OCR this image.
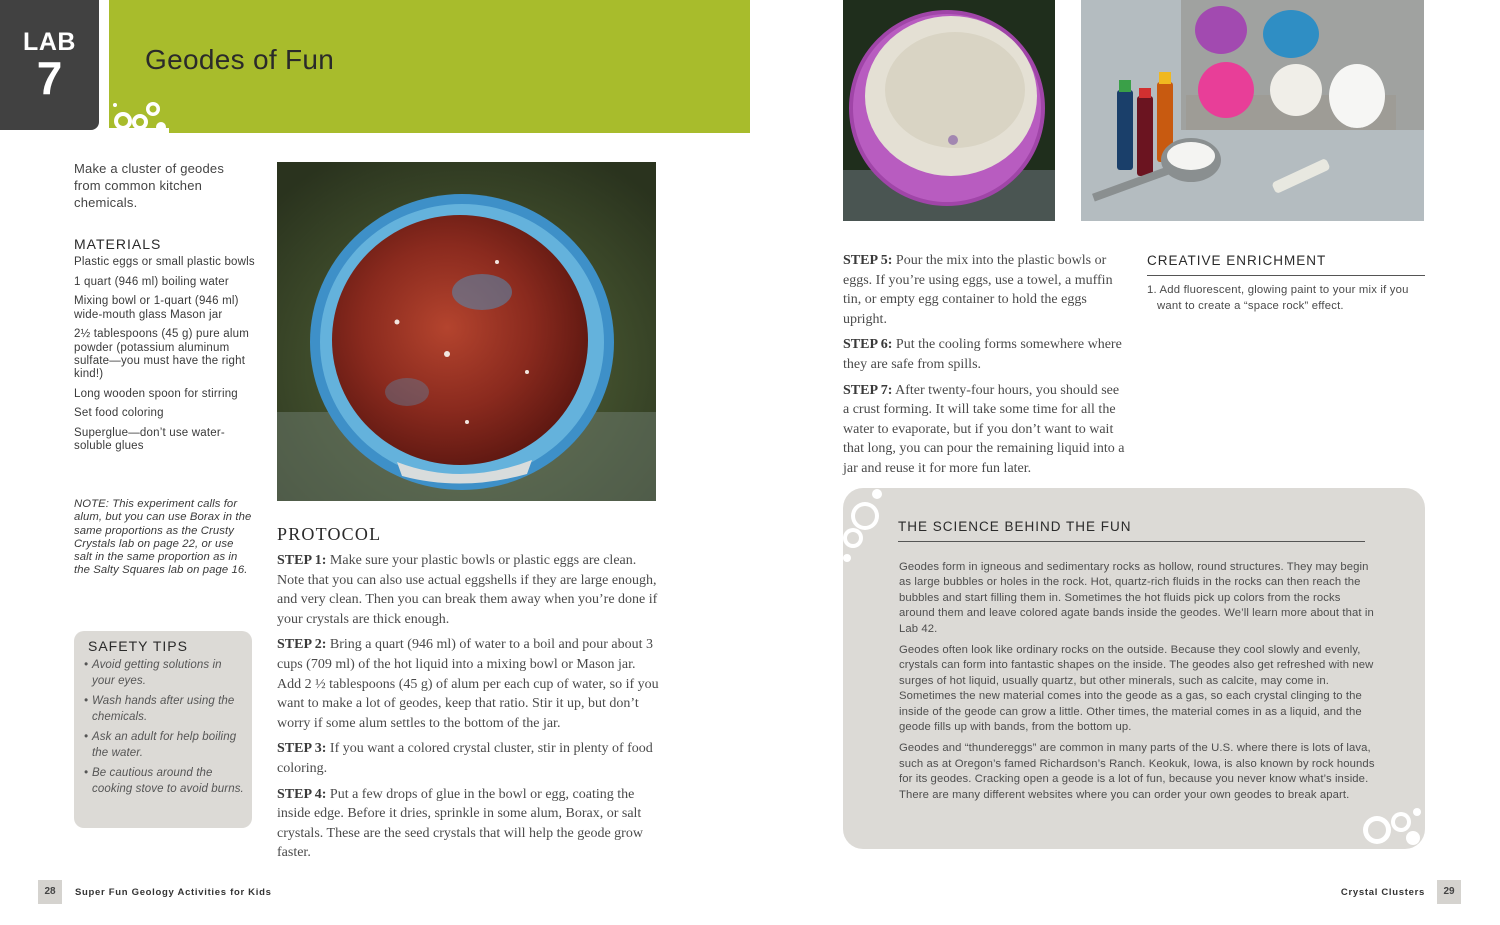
LAB
7	Geodes of Fun

Make a cluster of geodes from common kitchen chemicals.

MATERIALS
Plastic eggs or small plastic bowls
1 quart (946 ml) boiling water
Mixing bowl or 1-quart (946 ml) wide-mouth glass Mason jar
2½ tablespoons (45 g) pure alum powder (potassium aluminum sulfate—you must have the right kind!)
Long wooden spoon for stirring
Set food coloring
Superglue—don’t use water-soluble glues

NOTE: This experiment calls for alum, but you can use Borax in the same proportions as the Crusty Crystals lab on page 22, or use salt in the same proportion as in the Salty Squares lab on page 16.

SAFETY TIPS
• Avoid getting solutions in your eyes.
• Wash hands after using the chemicals.
• Ask an adult for help boiling the water.
• Be cautious around the cooking stove to avoid burns.
PROTOCOL

STEP 1: Make sure your plastic bowls or plastic eggs are clean. Note that you can also use actual eggshells if they are large enough, and very clean. Then you can break them away when you’re done if your crystals are thick enough.

STEP 2: Bring a quart (946 ml) of water to a boil and pour about 3 cups (709 ml) of the hot liquid into a mixing bowl or Mason jar. Add 2 ½ tablespoons (45 g) of alum per each cup of water, so if you want to make a lot of geodes, keep that ratio. Stir it up, but don’t worry if some alum settles to the bottom of the jar.

STEP 3: If you want a colored crystal cluster, stir in plenty of food coloring.

STEP 4: Put a few drops of glue in the bowl or egg, coating the inside edge. Before it dries, sprinkle in some alum, Borax, or salt crystals. These are the seed crystals that will help the geode grow faster.

28	Super Fun Geology Activities for Kids

STEP 5: Pour the mix into the plastic bowls or eggs. If you’re using eggs, use a towel, a muffin tin, or empty egg container to hold the eggs upright.

STEP 6: Put the cooling forms somewhere where they are safe from spills.

STEP 7: After twenty-four hours, you should see a crust forming. It will take some time for all the water to evaporate, but if you don’t want to wait that long, you can pour the remaining liquid into a jar and reuse it for more fun later.

CREATIVE ENRICHMENT

1. Add fluorescent, glowing paint to your mix if you want to create a “space rock” effect.

THE SCIENCE BEHIND THE FUN

Geodes form in igneous and sedimentary rocks as hollow, round structures. They may begin as large bubbles or holes in the rock. Hot, quartz-rich fluids in the rocks can then reach the bubbles and start filling them in. Sometimes the hot fluids pick up colors from the rocks around them and leave colored agate bands inside the geodes. We’ll learn more about that in Lab 42.

Geodes often look like ordinary rocks on the outside. Because they cool slowly and evenly, crystals can form into fantastic shapes on the inside. The geodes also get refreshed with new surges of hot liquid, usually quartz, but other minerals, such as calcite, may come in. Sometimes the new material comes into the geode as a gas, so each crystal clinging to the inside of the geode can grow a little. Other times, the material comes in as a liquid, and the geode fills up with bands, from the bottom up.

Geodes and “thundereggs” are common in many parts of the U.S. where there is lots of lava, such as at Oregon’s famed Richardson’s Ranch. Keokuk, Iowa, is also known by rock hounds for its geodes. Cracking open a geode is a lot of fun, because you never know what’s inside. There are many different websites where you can order your own geodes to break apart.

Crystal Clusters	29
